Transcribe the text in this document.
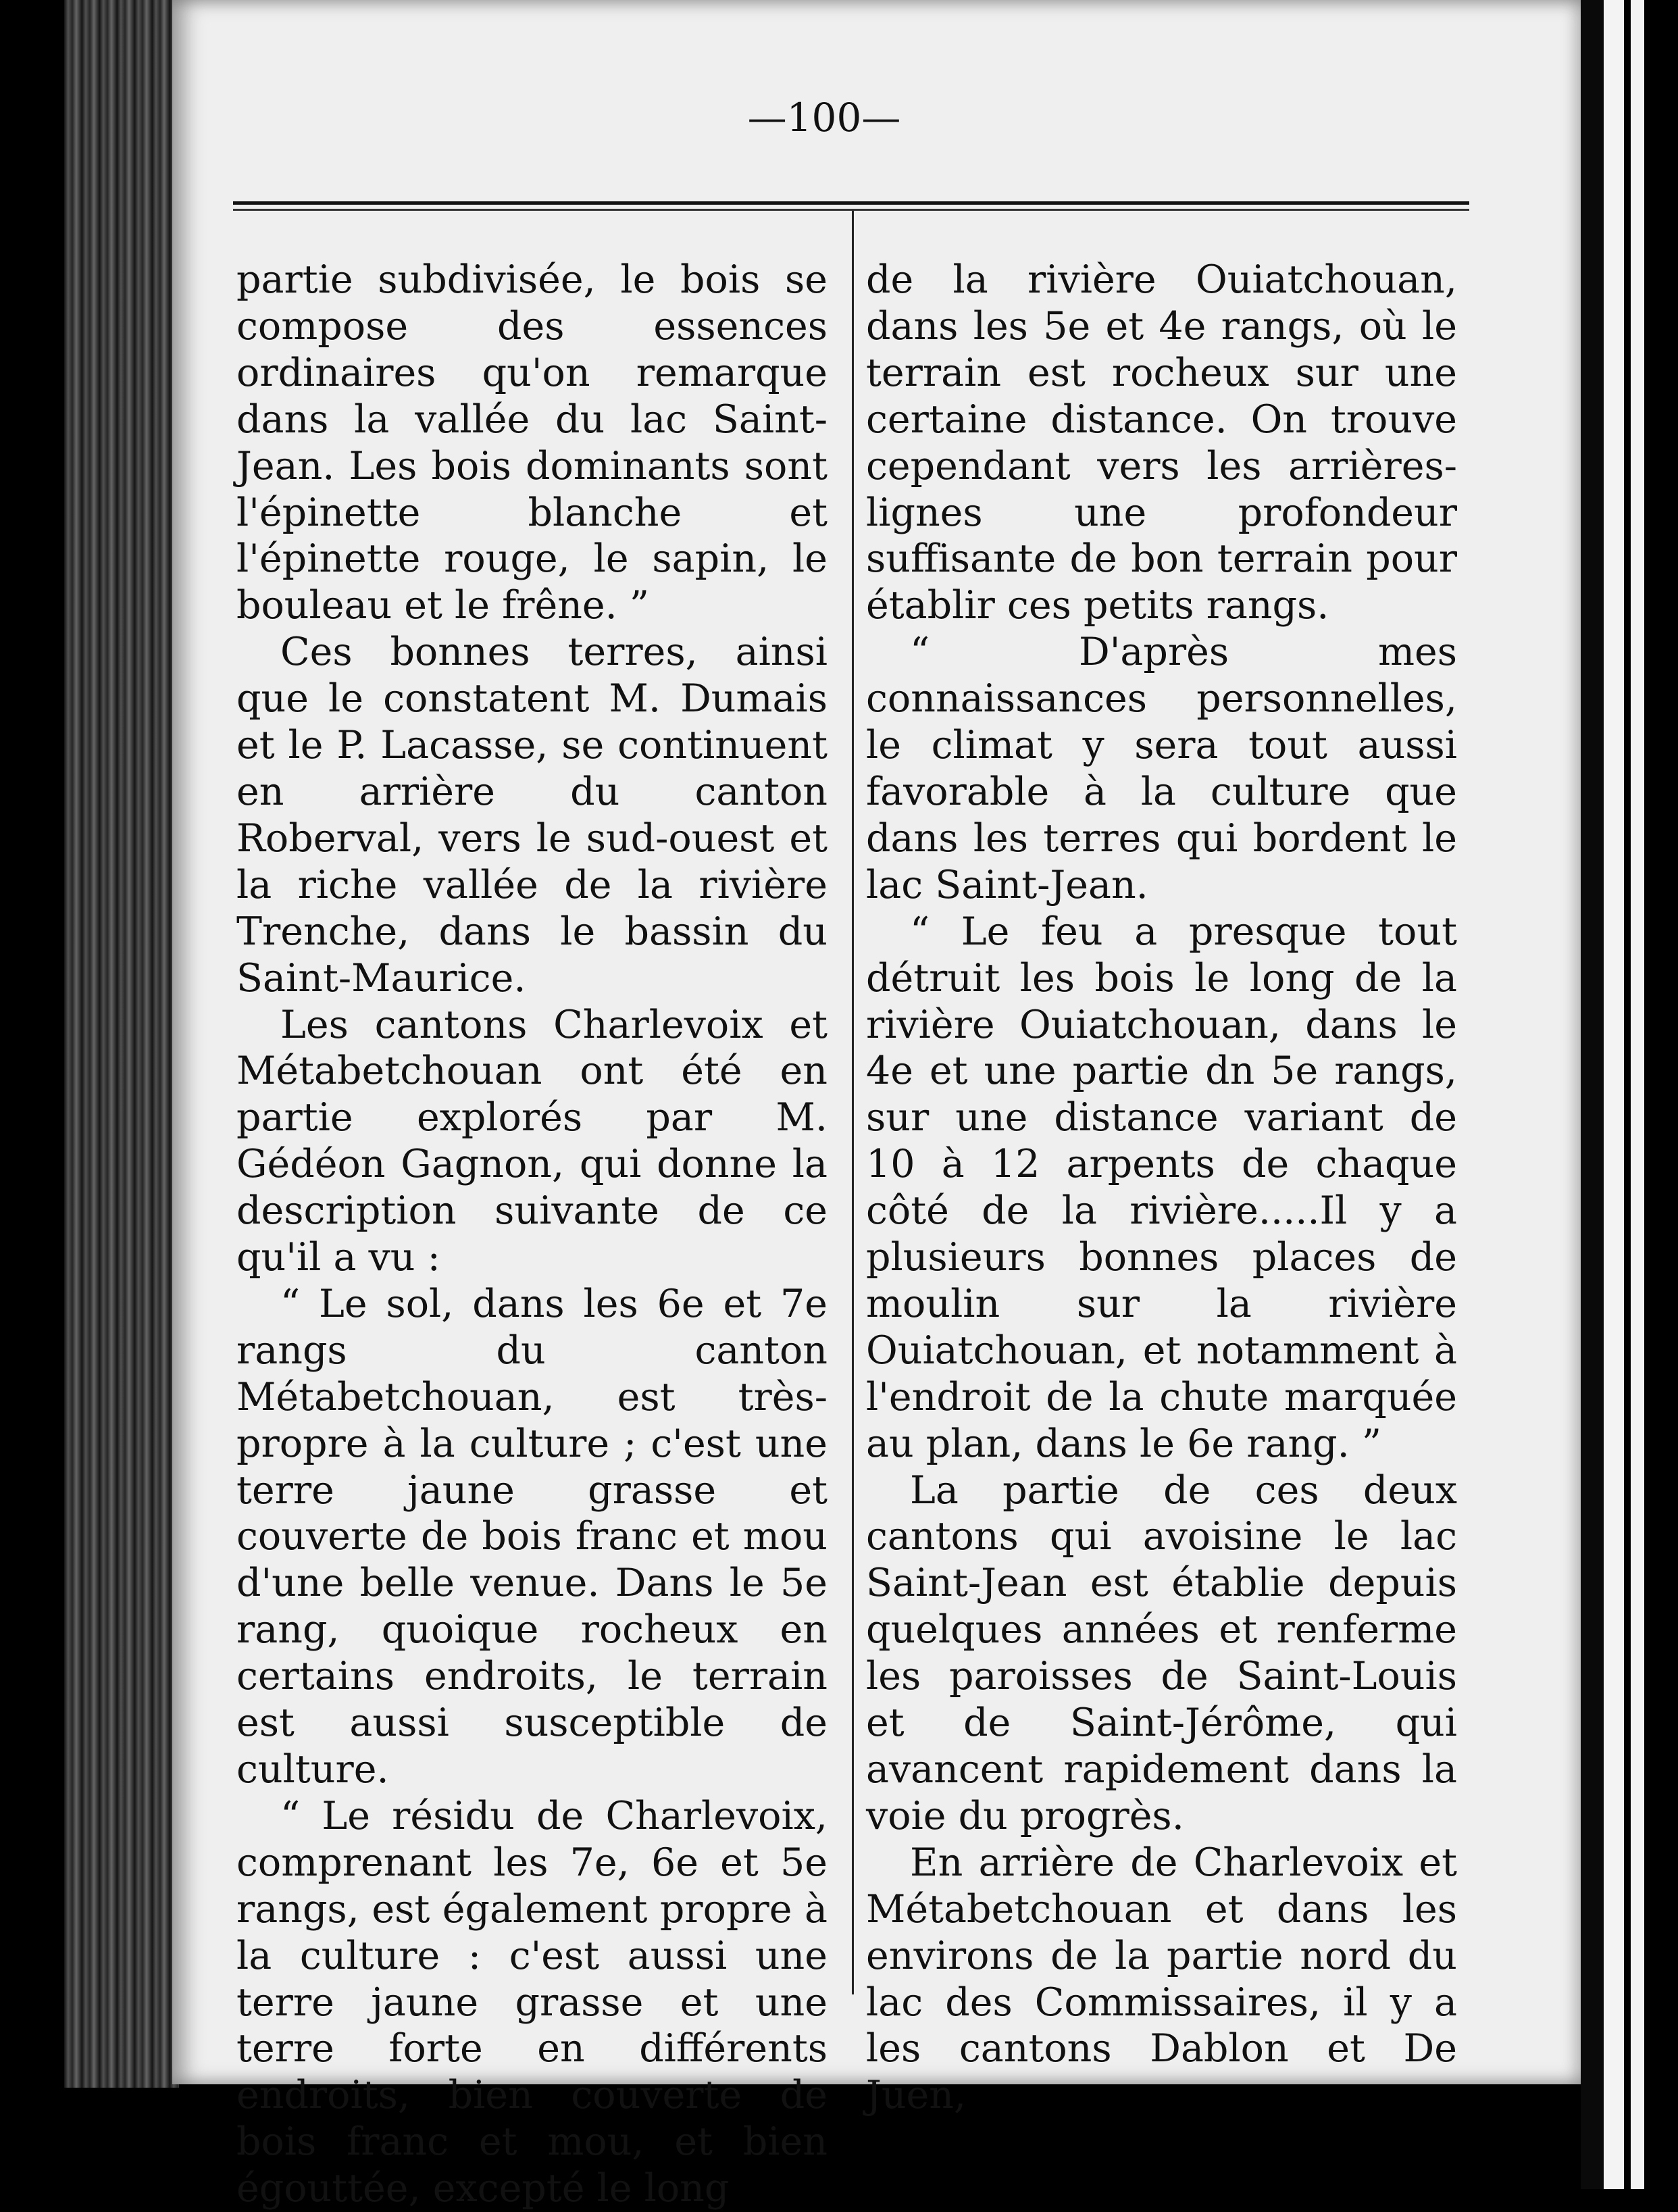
—100—

partie subdivisée, le bois se compose des essences ordinaires qu'on remarque dans la vallée du lac Saint-Jean. Les bois dominants sont l'épinette blanche et l'épinette rouge, le sapin, le bouleau et le frêne. ”

Ces bonnes terres, ainsi que le constatent M. Dumais et le P. Lacasse, se continuent en arrière du canton Roberval, vers le sud-ouest et la riche vallée de la rivière Trenche, dans le bassin du Saint-Maurice.

Les cantons Charlevoix et Métabetchouan ont été en partie explorés par M. Gédéon Gagnon, qui donne la description suivante de ce qu'il a vu :

“ Le sol, dans les 6e et 7e rangs du canton Métabetchouan, est très-propre à la culture ; c'est une terre jaune grasse et couverte de bois franc et mou d'une belle venue. Dans le 5e rang, quoique rocheux en certains endroits, le terrain est aussi susceptible de culture.

“ Le résidu de Charlevoix, comprenant les 7e, 6e et 5e rangs, est également propre à la culture : c'est aussi une terre jaune grasse et une terre forte en différents endroits, bien couverte de bois franc et mou, et bien égouttée, excepté le long

de la rivière Ouiatchouan, dans les 5e et 4e rangs, où le terrain est rocheux sur une certaine distance. On trouve cependant vers les arrières-lignes une profondeur suffisante de bon terrain pour établir ces petits rangs.

“ D'après mes connaissances personnelles, le climat y sera tout aussi favorable à la culture que dans les terres qui bordent le lac Saint-Jean.

“ Le feu a presque tout détruit les bois le long de la rivière Ouiatchouan, dans le 4e et une partie dn 5e rangs, sur une distance variant de 10 à 12 arpents de chaque côté de la rivière.....Il y a plusieurs bonnes places de moulin sur la rivière Ouiatchouan, et notamment à l'endroit de la chute marquée au plan, dans le 6e rang. ”

La partie de ces deux cantons qui avoisine le lac Saint-Jean est établie depuis quelques années et renferme les paroisses de Saint-Louis et de Saint-Jérôme, qui avancent rapidement dans la voie du progrès.

En arrière de Charlevoix et Métabetchouan et dans les environs de la partie nord du lac des Commissaires, il y a les cantons Dablon et De Juen,
